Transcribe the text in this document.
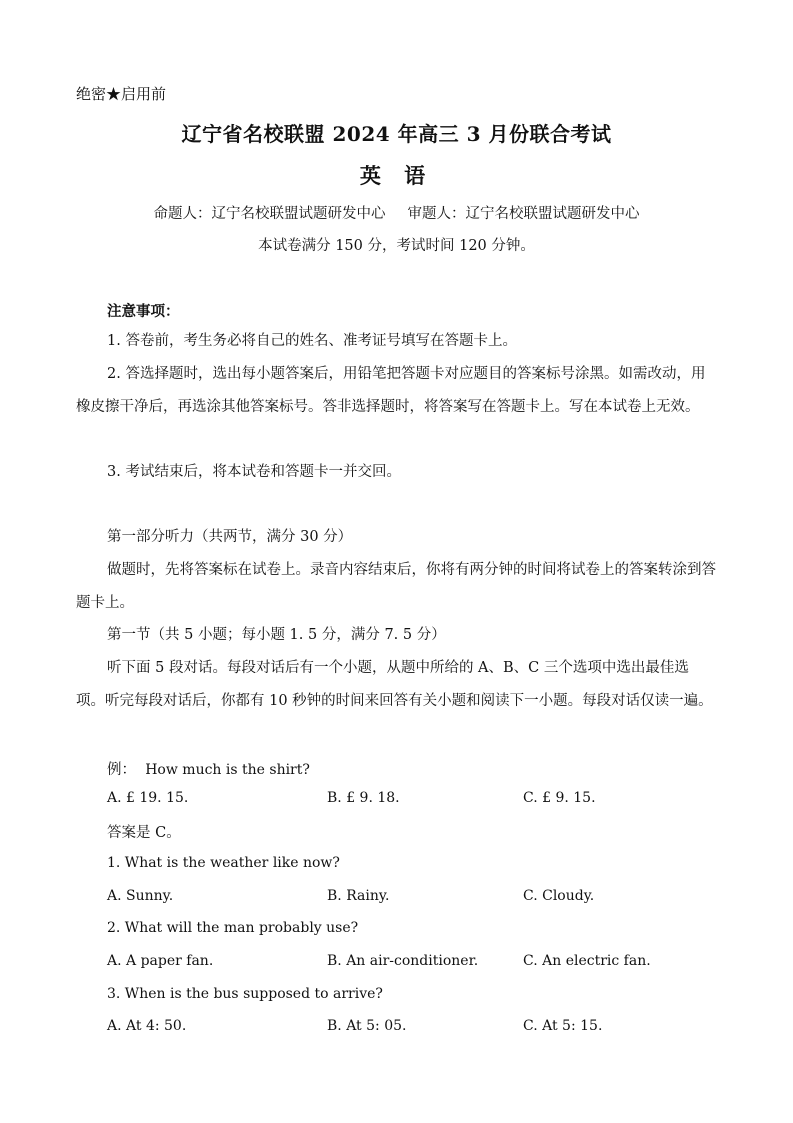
绝密★启用前
辽宁省名校联盟 2024 年高三 3 月份联合考试
英 语
命题人：辽宁名校联盟试题研发中心 审题人：辽宁名校联盟试题研发中心
本试卷满分 150 分，考试时间 120 分钟。
注意事项：
1. 答卷前，考生务必将自己的姓名、准考证号填写在答题卡上。
2. 答选择题时，选出每小题答案后，用铅笔把答题卡对应题目的答案标号涂黑。如需改动，用橡皮擦干净后，再选涂其他答案标号。答非选择题时，将答案写在答题卡上。写在本试卷上无效。
3. 考试结束后，将本试卷和答题卡一并交回。
第一部分听力（共两节，满分 30 分）
做题时，先将答案标在试卷上。录音内容结束后，你将有两分钟的时间将试卷上的答案转涂到答题卡上。
第一节（共 5 小题；每小题 1. 5 分，满分 7. 5 分）
听下面 5 段对话。每段对话后有一个小题，从题中所给的 A、B、C 三个选项中选出最佳选项。听完每段对话后，你都有 10 秒钟的时间来回答有关小题和阅读下一小题。每段对话仅读一遍。
例： How much is the shirt?
A. £ 19. 15.	B. £ 9. 18.	C. £ 9. 15.
答案是 C。
1. What is the weather like now?
A. Sunny.	B. Rainy.	C. Cloudy.
2. What will the man probably use?
A. A paper fan.	B. An air-conditioner.	C. An electric fan.
3. When is the bus supposed to arrive?
A. At 4: 50.	B. At 5: 05.	C. At 5: 15.
